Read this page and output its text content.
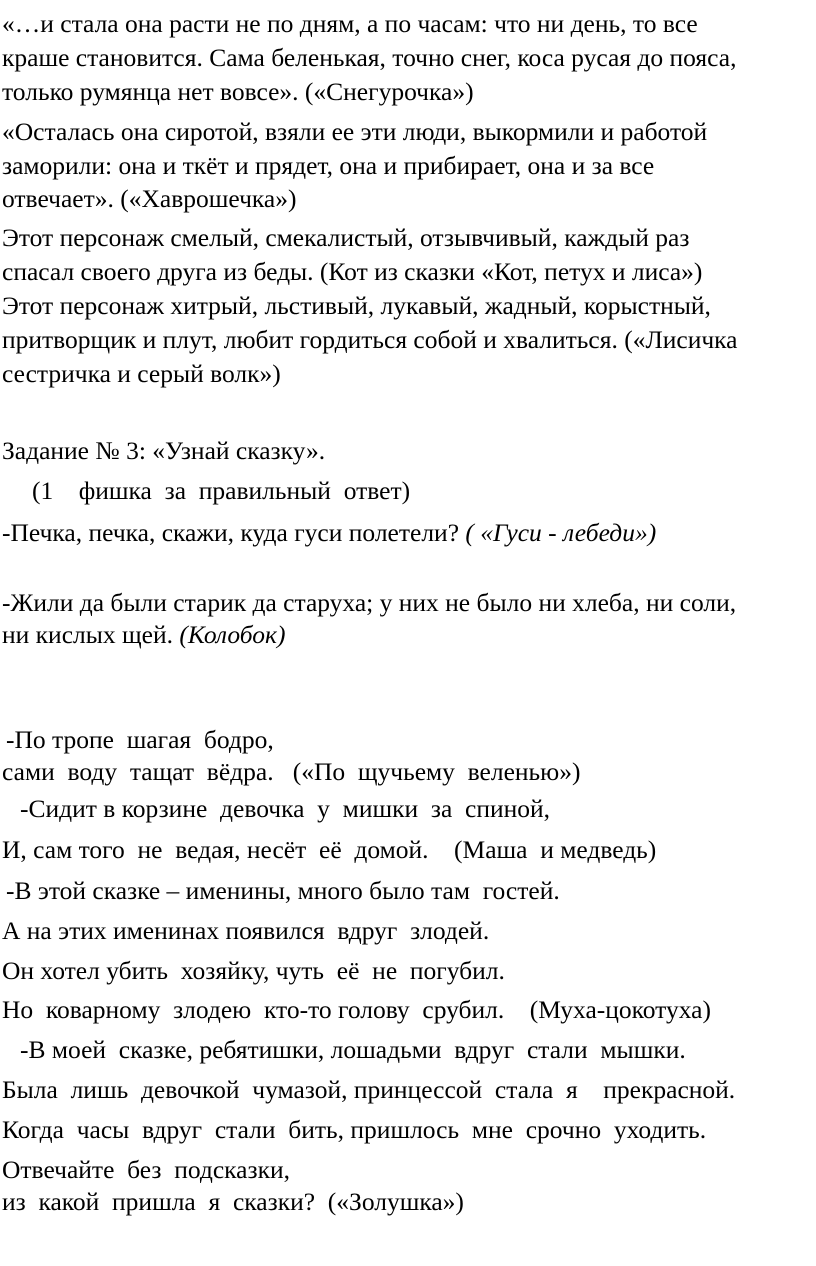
«…и стала она расти не по дням, а по часам: что ни день, то все
краше становится. Сама беленькая, точно снег, коса русая до пояса,
только румянца нет вовсе». («Снегурочка»)
«Осталась она сиротой, взяли ее эти люди, выкормили и работой
заморили: она и ткёт и прядет, она и прибирает, она и за все
отвечает». («Хаврошечка»)
Этот персонаж смелый, смекалистый, отзывчивый, каждый раз
спасал своего друга из беды. (Кот из сказки «Кот, петух и лиса»)
Этот персонаж хитрый, льстивый, лукавый, жадный, корыстный,
притворщик и плут, любит гордиться собой и хвалиться. («Лисичка
сестричка и серый волк»)
Задание № 3: «Узнай сказку».
(1    фишка  за  правильный  ответ)
-Печка, печка, скажи, куда гуси полетели? ( «Гуси - лебеди»)
-Жили да были старик да старуха; у них не было ни хлеба, ни соли,
ни кислых щей. (Колобок)
-По тропе  шагая  бодро,
сами  воду  тащат  вёдра.   («По  щучьему  веленью»)
-Сидит в корзине  девочка  у  мишки  за  спиной,
И, сам того  не  ведая, несёт  её  домой.    (Маша  и медведь)
-В этой сказке – именины, много было там  гостей.
А на этих именинах появился  вдруг  злодей.
Он хотел убить  хозяйку, чуть  её  не  погубил.
Но  коварному  злодею  кто-то голову  срубил.    (Муха-цокотуха)
-В моей  сказке, ребятишки, лошадьми  вдруг  стали  мышки.
Была  лишь  девочкой  чумазой, принцессой  стала  я    прекрасной.
Когда  часы  вдруг  стали  бить, пришлось  мне  срочно  уходить.
Отвечайте  без  подсказки,
из  какой  пришла  я  сказки?  («Золушка»)
